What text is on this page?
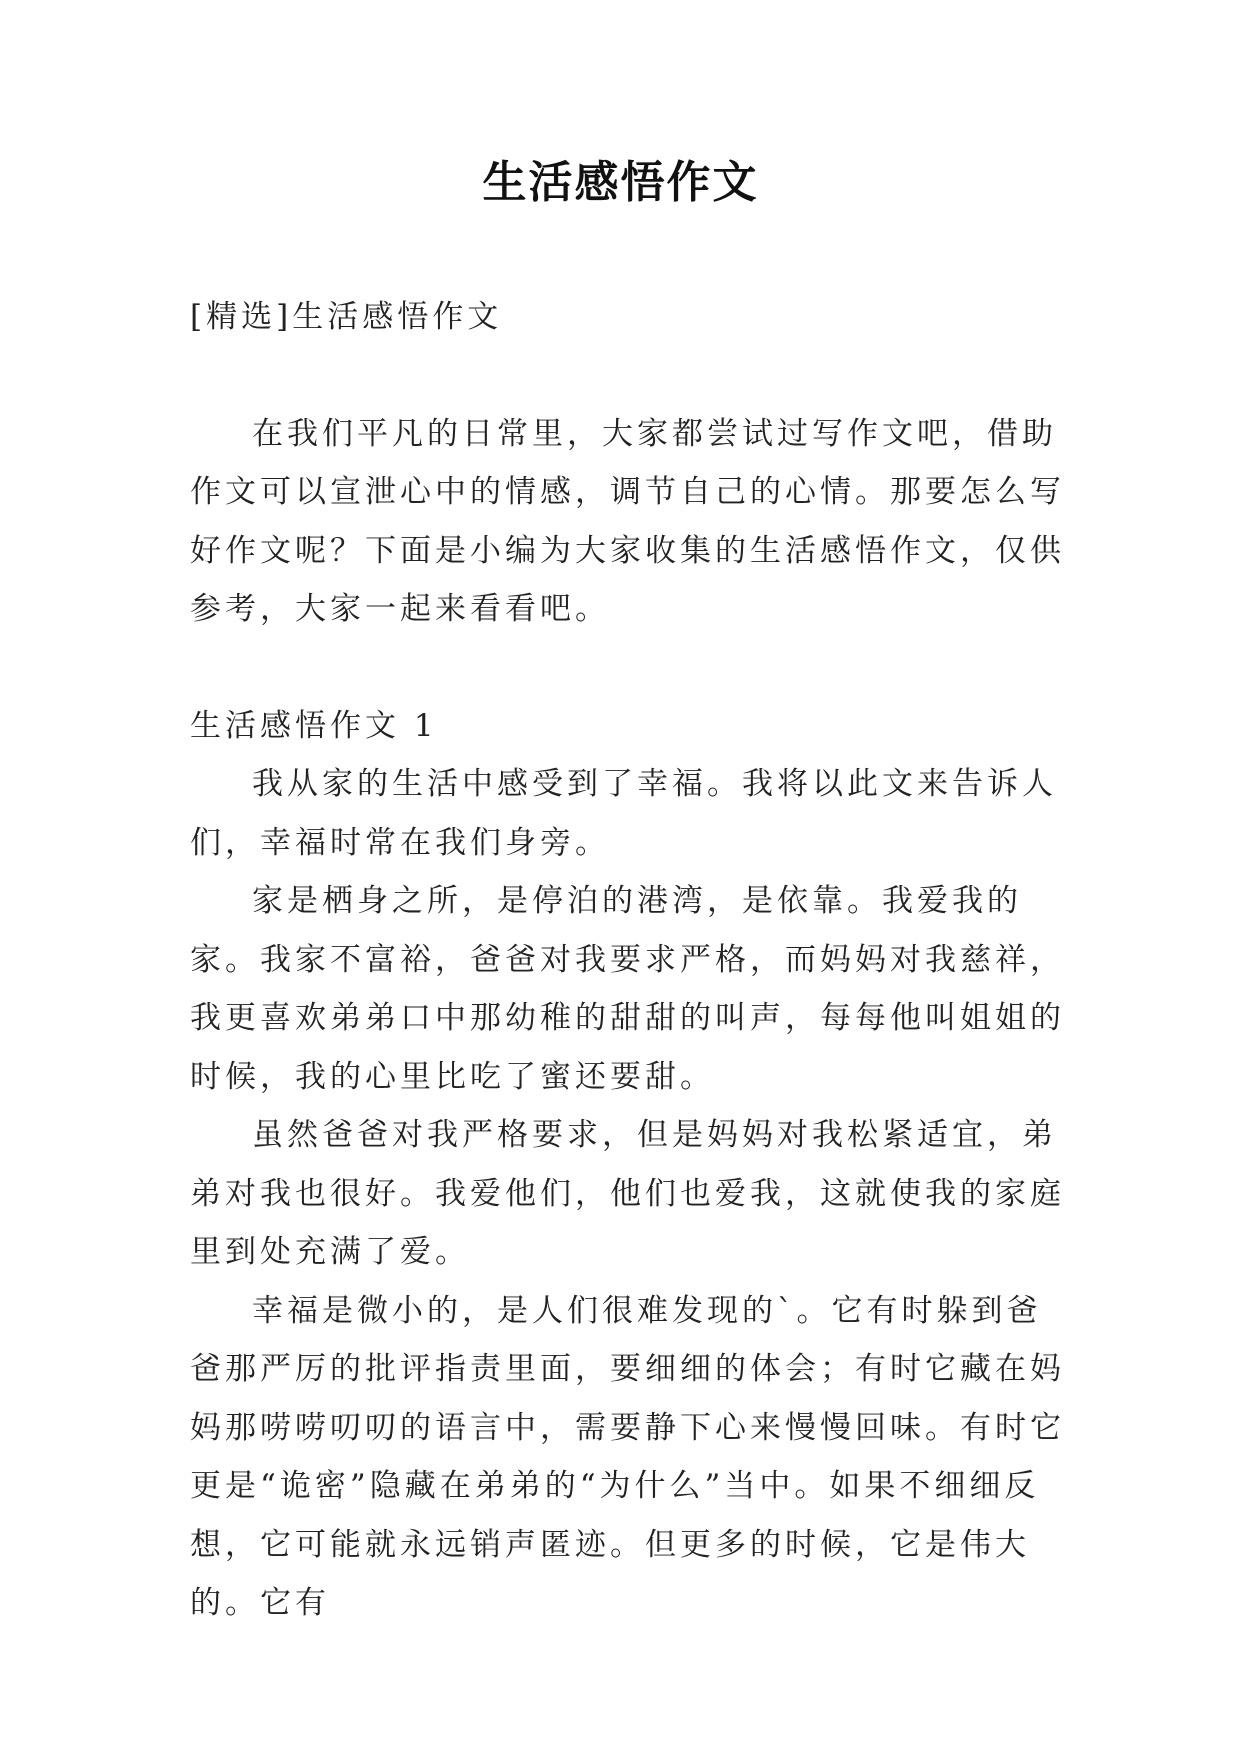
生活感悟作文

[精选]生活感悟作文

在我们平凡的日常里，大家都尝试过写作文吧，借助作文可以宣泄心中的情感，调节自己的心情。那要怎么写好作文呢？下面是小编为大家收集的生活感悟作文，仅供参考，大家一起来看看吧。

生活感悟作文 1

我从家的生活中感受到了幸福。我将以此文来告诉人们，幸福时常在我们身旁。

家是栖身之所，是停泊的港湾，是依靠。我爱我的家。我家不富裕，爸爸对我要求严格，而妈妈对我慈祥，我更喜欢弟弟口中那幼稚的甜甜的叫声，每每他叫姐姐的时候，我的心里比吃了蜜还要甜。

虽然爸爸对我严格要求，但是妈妈对我松紧适宜，弟弟对我也很好。我爱他们，他们也爱我，这就使我的家庭里到处充满了爱。

幸福是微小的，是人们很难发现的`。它有时躲到爸爸那严厉的批评指责里面，要细细的体会；有时它藏在妈妈那唠唠叨叨的语言中，需要静下心来慢慢回味。有时它更是“诡密”隐藏在弟弟的“为什么”当中。如果不细细反想，它可能就永远销声匿迹。但更多的时候，它是伟大的。它有
